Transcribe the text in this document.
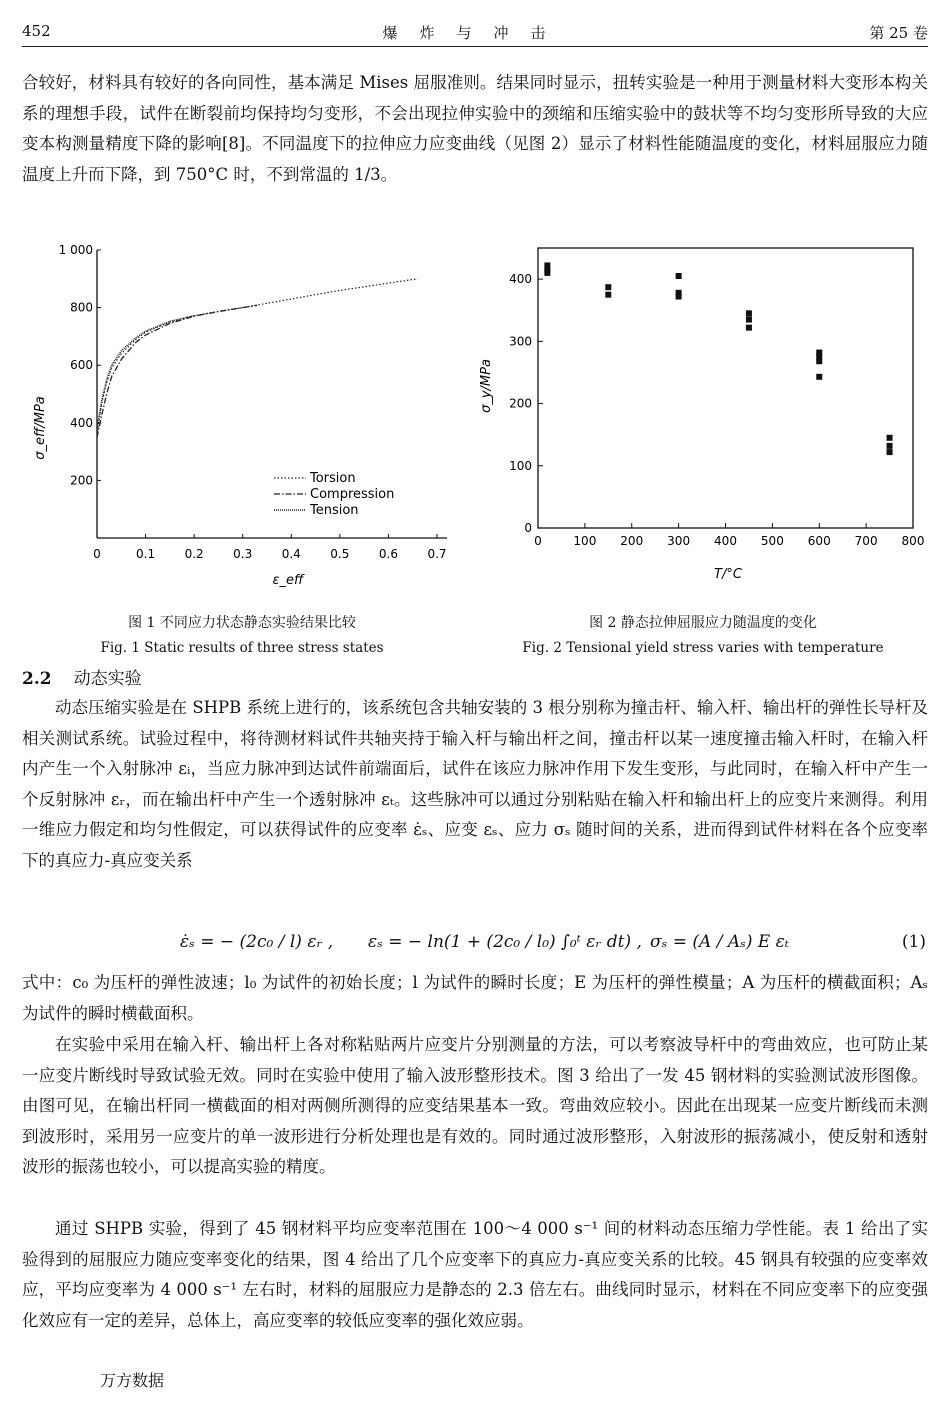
452	爆炸与冲击	第 25 卷

合较好，材料具有较好的各向同性，基本满足 Mises 屈服准则。结果同时显示，扭转实验是一种用于测量材料大变形本构关系的理想手段，试件在断裂前均保持均匀变形，不会出现拉伸实验中的颈缩和压缩实验中的鼓状等不均匀变形所导致的大应变本构测量精度下降的影响[8]。不同温度下的拉伸应力应变曲线（见图 2）显示了材料性能随温度的变化，材料屈服应力随温度上升而下降，到 750°C 时，不到常温的 1/3。

0	0.1 0.2 0.3 0.4 0.5 0.6 0.7
200
400
600
800
1 000
σ_eff/MPa
ε_eff
Torsion
Compression
Tension
0	100 200 300 400 500 600 700 800
0
100
200
300
400
σ_y/MPa
T/°C
图 1 不同应力状态静态实验结果比较
Fig. 1 Static results of three stress states
图 2 静态拉伸屈服应力随温度的变化
Fig. 2 Tensional yield stress varies with temperature
2.2 动态实验

动态压缩实验是在 SHPB 系统上进行的，该系统包含共轴安装的 3 根分别称为撞击杆、输入杆、输出杆的弹性长导杆及相关测试系统。试验过程中，将待测材料试件共轴夹持于输入杆与输出杆之间，撞击杆以某一速度撞击输入杆时，在输入杆内产生一个入射脉冲 εᵢ，当应力脉冲到达试件前端面后，试件在该应力脉冲作用下发生变形，与此同时，在输入杆中产生一个反射脉冲 εᵣ，而在输出杆中产生一个透射脉冲 εₜ。这些脉冲可以通过分别粘贴在输入杆和输出杆上的应变片来测得。利用一维应力假定和均匀性假定，可以获得试件的应变率 ε̇ₛ、应变 εₛ、应力 σₛ 随时间的关系，进而得到试件材料在各个应变率下的真应力-真应变关系

ε̇ₛ = − (2c₀ / l) εᵣ , εₛ = − ln(1 + (2c₀ / l₀) ∫₀ᵗ εᵣ dt) , σₛ = (A / Aₛ) E εₜ	(1)

式中：c₀ 为压杆的弹性波速；l₀ 为试件的初始长度；l 为试件的瞬时长度；E 为压杆的弹性模量；A 为压杆的横截面积；Aₛ 为试件的瞬时横截面积。

在实验中采用在输入杆、输出杆上各对称粘贴两片应变片分别测量的方法，可以考察波导杆中的弯曲效应，也可防止某一应变片断线时导致试验无效。同时在实验中使用了输入波形整形技术。图 3 给出了一发 45 钢材料的实验测试波形图像。由图可见，在输出杆同一横截面的相对两侧所测得的应变结果基本一致。弯曲效应较小。因此在出现某一应变片断线而未测到波形时，采用另一应变片的单一波形进行分析处理也是有效的。同时通过波形整形，入射波形的振荡减小，使反射和透射波形的振荡也较小，可以提高实验的精度。

通过 SHPB 实验，得到了 45 钢材料平均应变率范围在 100～4 000 s⁻¹ 间的材料动态压缩力学性能。表 1 给出了实验得到的屈服应力随应变率变化的结果，图 4 给出了几个应变率下的真应力-真应变关系的比较。45 钢具有较强的应变率效应，平均应变率为 4 000 s⁻¹ 左右时，材料的屈服应力是静态的 2.3 倍左右。曲线同时显示，材料在不同应变率下的应变强化效应有一定的差异，总体上，高应变率的较低应变率的强化效应弱。

万方数据
